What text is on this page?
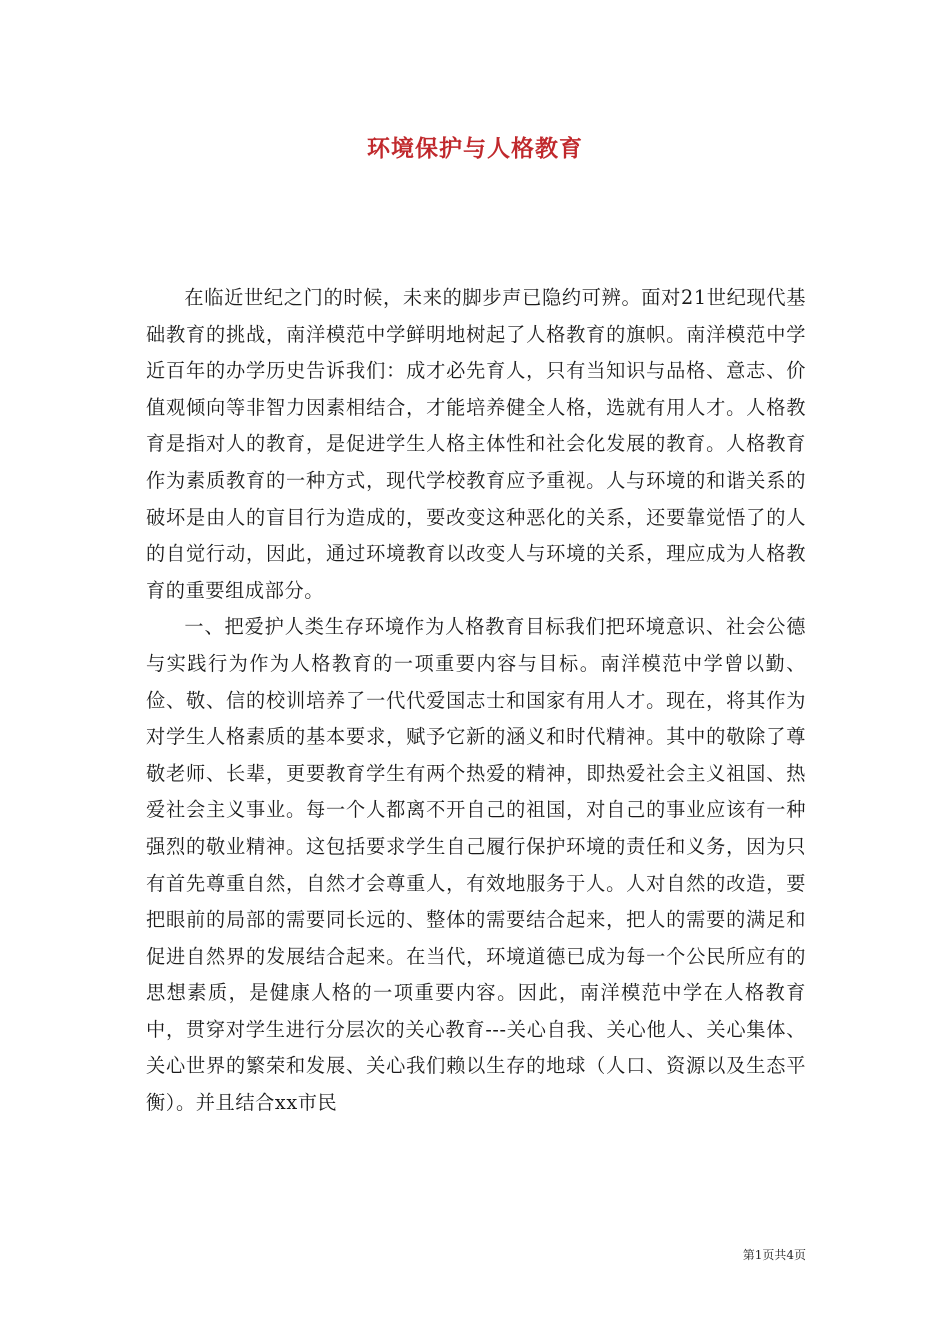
环境保护与人格教育

在临近世纪之门的时候，未来的脚步声已隐约可辨。面对21世纪现代基础教育的挑战，南洋模范中学鲜明地树起了人格教育的旗帜。南洋模范中学近百年的办学历史告诉我们：成才必先育人，只有当知识与品格、意志、价值观倾向等非智力因素相结合，才能培养健全人格，选就有用人才。人格教育是指对人的教育，是促进学生人格主体性和社会化发展的教育。人格教育作为素质教育的一种方式，现代学校教育应予重视。人与环境的和谐关系的破坏是由人的盲目行为造成的，要改变这种恶化的关系，还要靠觉悟了的人的自觉行动，因此，通过环境教育以改变人与环境的关系，理应成为人格教育的重要组成部分。

一、把爱护人类生存环境作为人格教育目标我们把环境意识、社会公德与实践行为作为人格教育的一项重要内容与目标。南洋模范中学曾以勤、俭、敬、信的校训培养了一代代爱国志士和国家有用人才。现在，将其作为对学生人格素质的基本要求，赋予它新的涵义和时代精神。其中的敬除了尊敬老师、长辈，更要教育学生有两个热爱的精神，即热爱社会主义祖国、热爱社会主义事业。每一个人都离不开自己的祖国，对自己的事业应该有一种强烈的敬业精神。这包括要求学生自己履行保护环境的责任和义务，因为只有首先尊重自然，自然才会尊重人，有效地服务于人。人对自然的改造，要把眼前的局部的需要同长远的、整体的需要结合起来，把人的需要的满足和促进自然界的发展结合起来。在当代，环境道德已成为每一个公民所应有的思想素质，是健康人格的一项重要内容。因此，南洋模范中学在人格教育中，贯穿对学生进行分层次的关心教育---关心自我、关心他人、关心集体、关心世界的繁荣和发展、关心我们赖以生存的地球（人口、资源以及生态平衡）。并且结合xx市民

第1页共4页
